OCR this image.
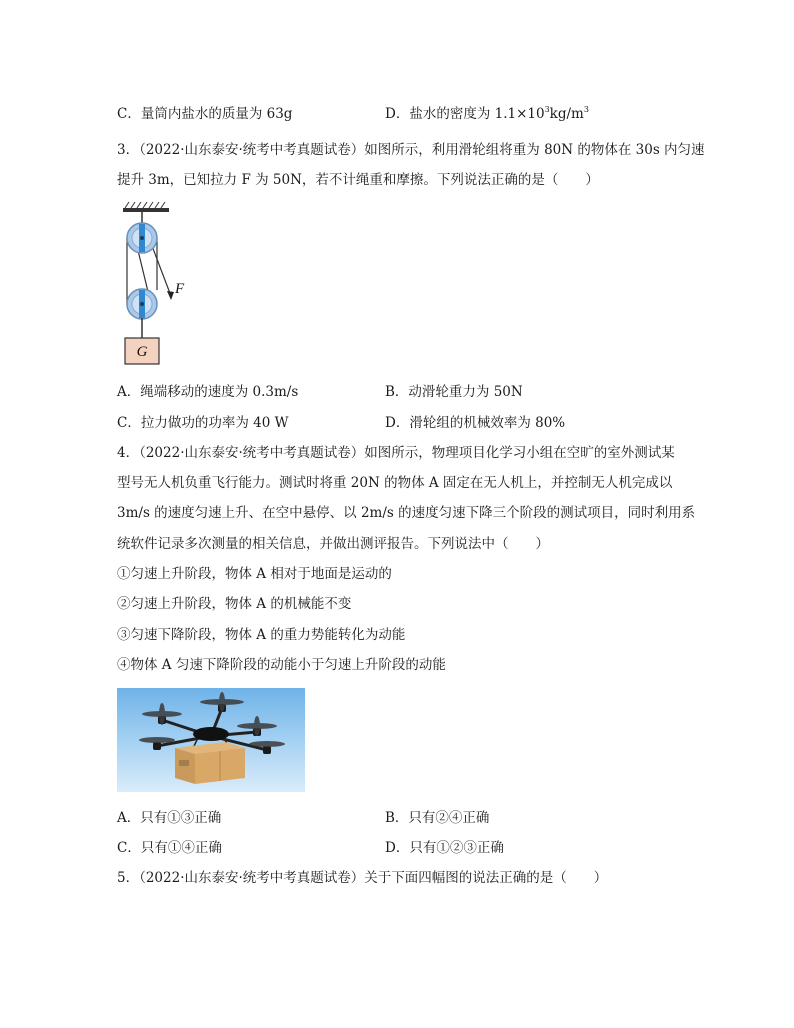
C．量筒内盐水的质量为 63g	D．盐水的密度为 $1.1\times 10^3kg/m^3$
3．（2022·山东泰安·统考中考真题试卷）如图所示，利用滑轮组将重为 80N 的物体在 30s 内匀速
提升 3m，已知拉力 F 为 50N，若不计绳重和摩擦。下列说法正确的是（　　）
G
F
A．绳端移动的速度为 0.3m/s	B．动滑轮重力为 50N
C．拉力做功的功率为 40 W	D．滑轮组的机械效率为 80%
4．（2022·山东泰安·统考中考真题试卷）如图所示，物理项目化学习小组在空旷的室外测试某
型号无人机负重飞行能力。测试时将重 20N 的物体 A 固定在无人机上，并控制无人机完成以
3m/s 的速度匀速上升、在空中悬停、以 2m/s 的速度匀速下降三个阶段的测试项目，同时利用系
统软件记录多次测量的相关信息，并做出测评报告。下列说法中（　　）
①匀速上升阶段，物体 A 相对于地面是运动的
②匀速上升阶段，物体 A 的机械能不变
③匀速下降阶段，物体 A 的重力势能转化为动能
④物体 A 匀速下降阶段的动能小于匀速上升阶段的动能
A．只有①③正确	B．只有②④正确
C．只有①④正确	D．只有①②③正确
5．（2022·山东泰安·统考中考真题试卷）关于下面四幅图的说法正确的是（　　）
